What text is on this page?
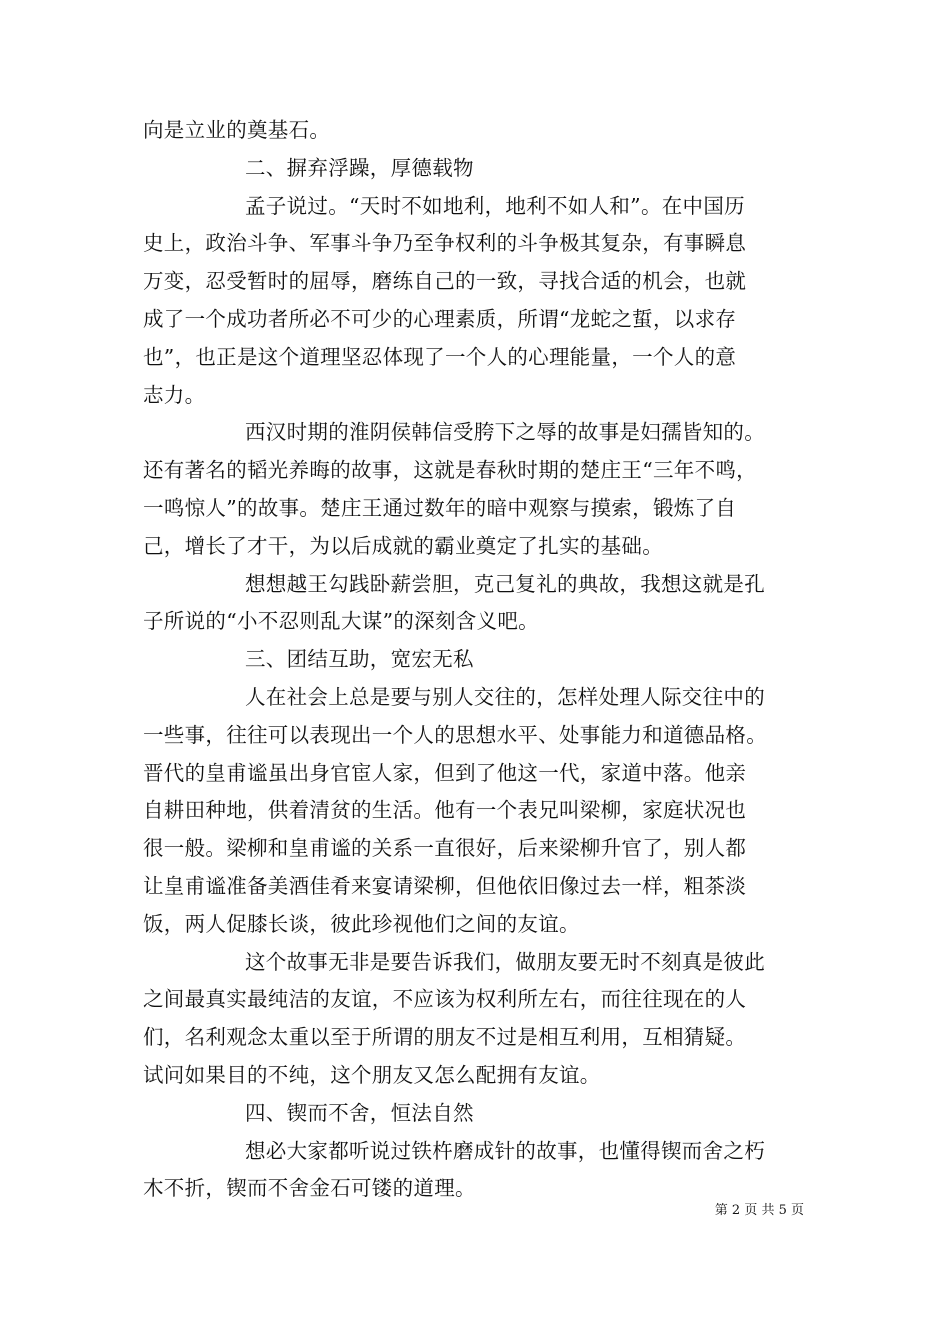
向是立业的奠基石。
二、摒弃浮躁，厚德载物
孟子说过。“天时不如地利，地利不如人和”。在中国历
史上，政治斗争、军事斗争乃至争权利的斗争极其复杂，有事瞬息
万变，忍受暂时的屈辱，磨练自己的一致，寻找合适的机会，也就
成了一个成功者所必不可少的心理素质，所谓“龙蛇之蜇，以求存
也”，也正是这个道理坚忍体现了一个人的心理能量，一个人的意
志力。
西汉时期的淮阴侯韩信受胯下之辱的故事是妇孺皆知的。
还有著名的韬光养晦的故事，这就是春秋时期的楚庄王“三年不鸣，
一鸣惊人”的故事。楚庄王通过数年的暗中观察与摸索，锻炼了自
己，增长了才干，为以后成就的霸业奠定了扎实的基础。
想想越王勾践卧薪尝胆，克己复礼的典故，我想这就是孔
子所说的“小不忍则乱大谋”的深刻含义吧。
三、团结互助，宽宏无私
人在社会上总是要与别人交往的，怎样处理人际交往中的
一些事，往往可以表现出一个人的思想水平、处事能力和道德品格。
晋代的皇甫谧虽出身官宦人家，但到了他这一代，家道中落。他亲
自耕田种地，供着清贫的生活。他有一个表兄叫梁柳，家庭状况也
很一般。梁柳和皇甫谧的关系一直很好，后来梁柳升官了，别人都
让皇甫谧准备美酒佳肴来宴请梁柳，但他依旧像过去一样，粗茶淡
饭，两人促膝长谈，彼此珍视他们之间的友谊。
这个故事无非是要告诉我们，做朋友要无时不刻真是彼此
之间最真实最纯洁的友谊，不应该为权利所左右，而往往现在的人
们，名利观念太重以至于所谓的朋友不过是相互利用，互相猜疑。
试问如果目的不纯，这个朋友又怎么配拥有友谊。
四、锲而不舍，恒法自然
想必大家都听说过铁杵磨成针的故事，也懂得锲而舍之朽
木不折，锲而不舍金石可镂的道理。
第 2 页 共 5 页
